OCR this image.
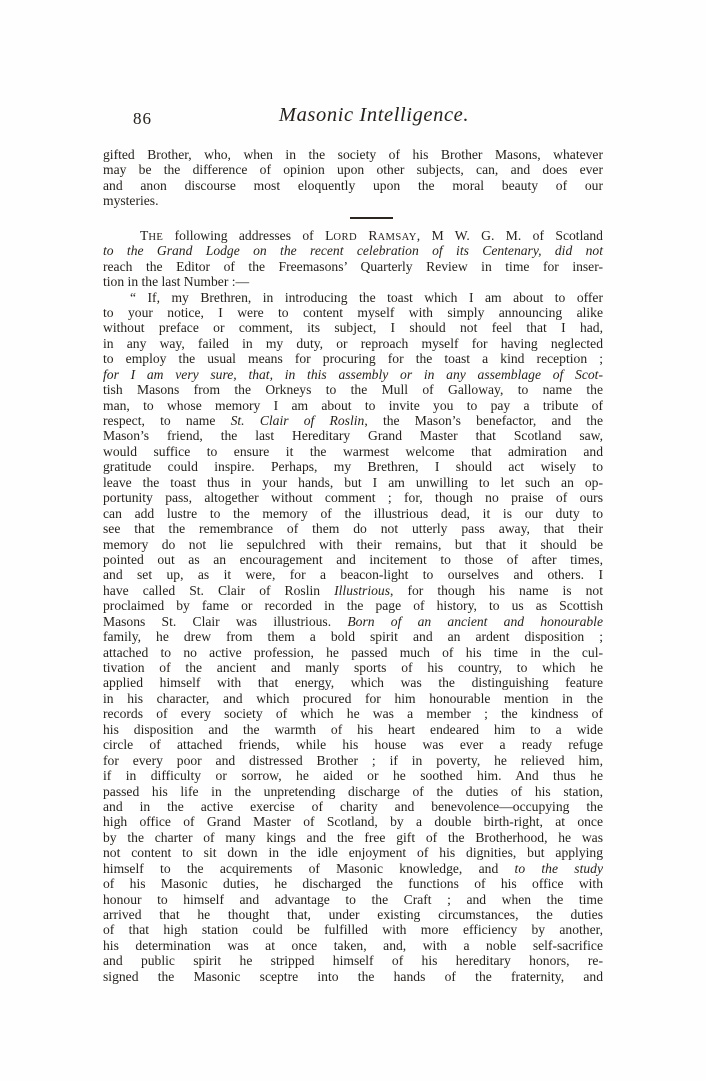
86	Masonic Intelligence.
gifted Brother, who, when in the society of his Brother Masons, whatever
may be the difference of opinion upon other subjects, can, and does ever
and anon discourse most eloquently upon the moral beauty of our
mysteries.
THE following addresses of LORD RAMSAY, M W. G. M. of Scotland
to the Grand Lodge on the recent celebration of its Centenary, did not
reach the Editor of the Freemasons’ Quarterly Review in time for inser-
tion in the last Number :—
“ If, my Brethren, in introducing the toast which I am about to offer
to your notice, I were to content myself with simply announcing alike
without preface or comment, its subject, I should not feel that I had,
in any way, failed in my duty, or reproach myself for having neglected
to employ the usual means for procuring for the toast a kind reception ;
for I am very sure, that, in this assembly or in any assemblage of Scot-
tish Masons from the Orkneys to the Mull of Galloway, to name the
man, to whose memory I am about to invite you to pay a tribute of
respect, to name St. Clair of Roslin, the Mason’s benefactor, and the
Mason’s friend, the last Hereditary Grand Master that Scotland saw,
would suffice to ensure it the warmest welcome that admiration and
gratitude could inspire. Perhaps, my Brethren, I should act wisely to
leave the toast thus in your hands, but I am unwilling to let such an op-
portunity pass, altogether without comment ; for, though no praise of ours
can add lustre to the memory of the illustrious dead, it is our duty to
see that the remembrance of them do not utterly pass away, that their
memory do not lie sepulchred with their remains, but that it should be
pointed out as an encouragement and incitement to those of after times,
and set up, as it were, for a beacon-light to ourselves and others. I
have called St. Clair of Roslin Illustrious, for though his name is not
proclaimed by fame or recorded in the page of history, to us as Scottish
Masons St. Clair was illustrious. Born of an ancient and honourable
family, he drew from them a bold spirit and an ardent disposition ;
attached to no active profession, he passed much of his time in the cul-
tivation of the ancient and manly sports of his country, to which he
applied himself with that energy, which was the distinguishing feature
in his character, and which procured for him honourable mention in the
records of every society of which he was a member ; the kindness of
his disposition and the warmth of his heart endeared him to a wide
circle of attached friends, while his house was ever a ready refuge
for every poor and distressed Brother ; if in poverty, he relieved him,
if in difficulty or sorrow, he aided or he soothed him. And thus he
passed his life in the unpretending discharge of the duties of his station,
and in the active exercise of charity and benevolence—occupying the
high office of Grand Master of Scotland, by a double birth-right, at once
by the charter of many kings and the free gift of the Brotherhood, he was
not content to sit down in the idle enjoyment of his dignities, but applying
himself to the acquirements of Masonic knowledge, and to the study
of his Masonic duties, he discharged the functions of his office with
honour to himself and advantage to the Craft ; and when the time
arrived that he thought that, under existing circumstances, the duties
of that high station could be fulfilled with more efficiency by another,
his determination was at once taken, and, with a noble self-sacrifice
and public spirit he stripped himself of his hereditary honors, re-
signed the Masonic sceptre into the hands of the fraternity, and
